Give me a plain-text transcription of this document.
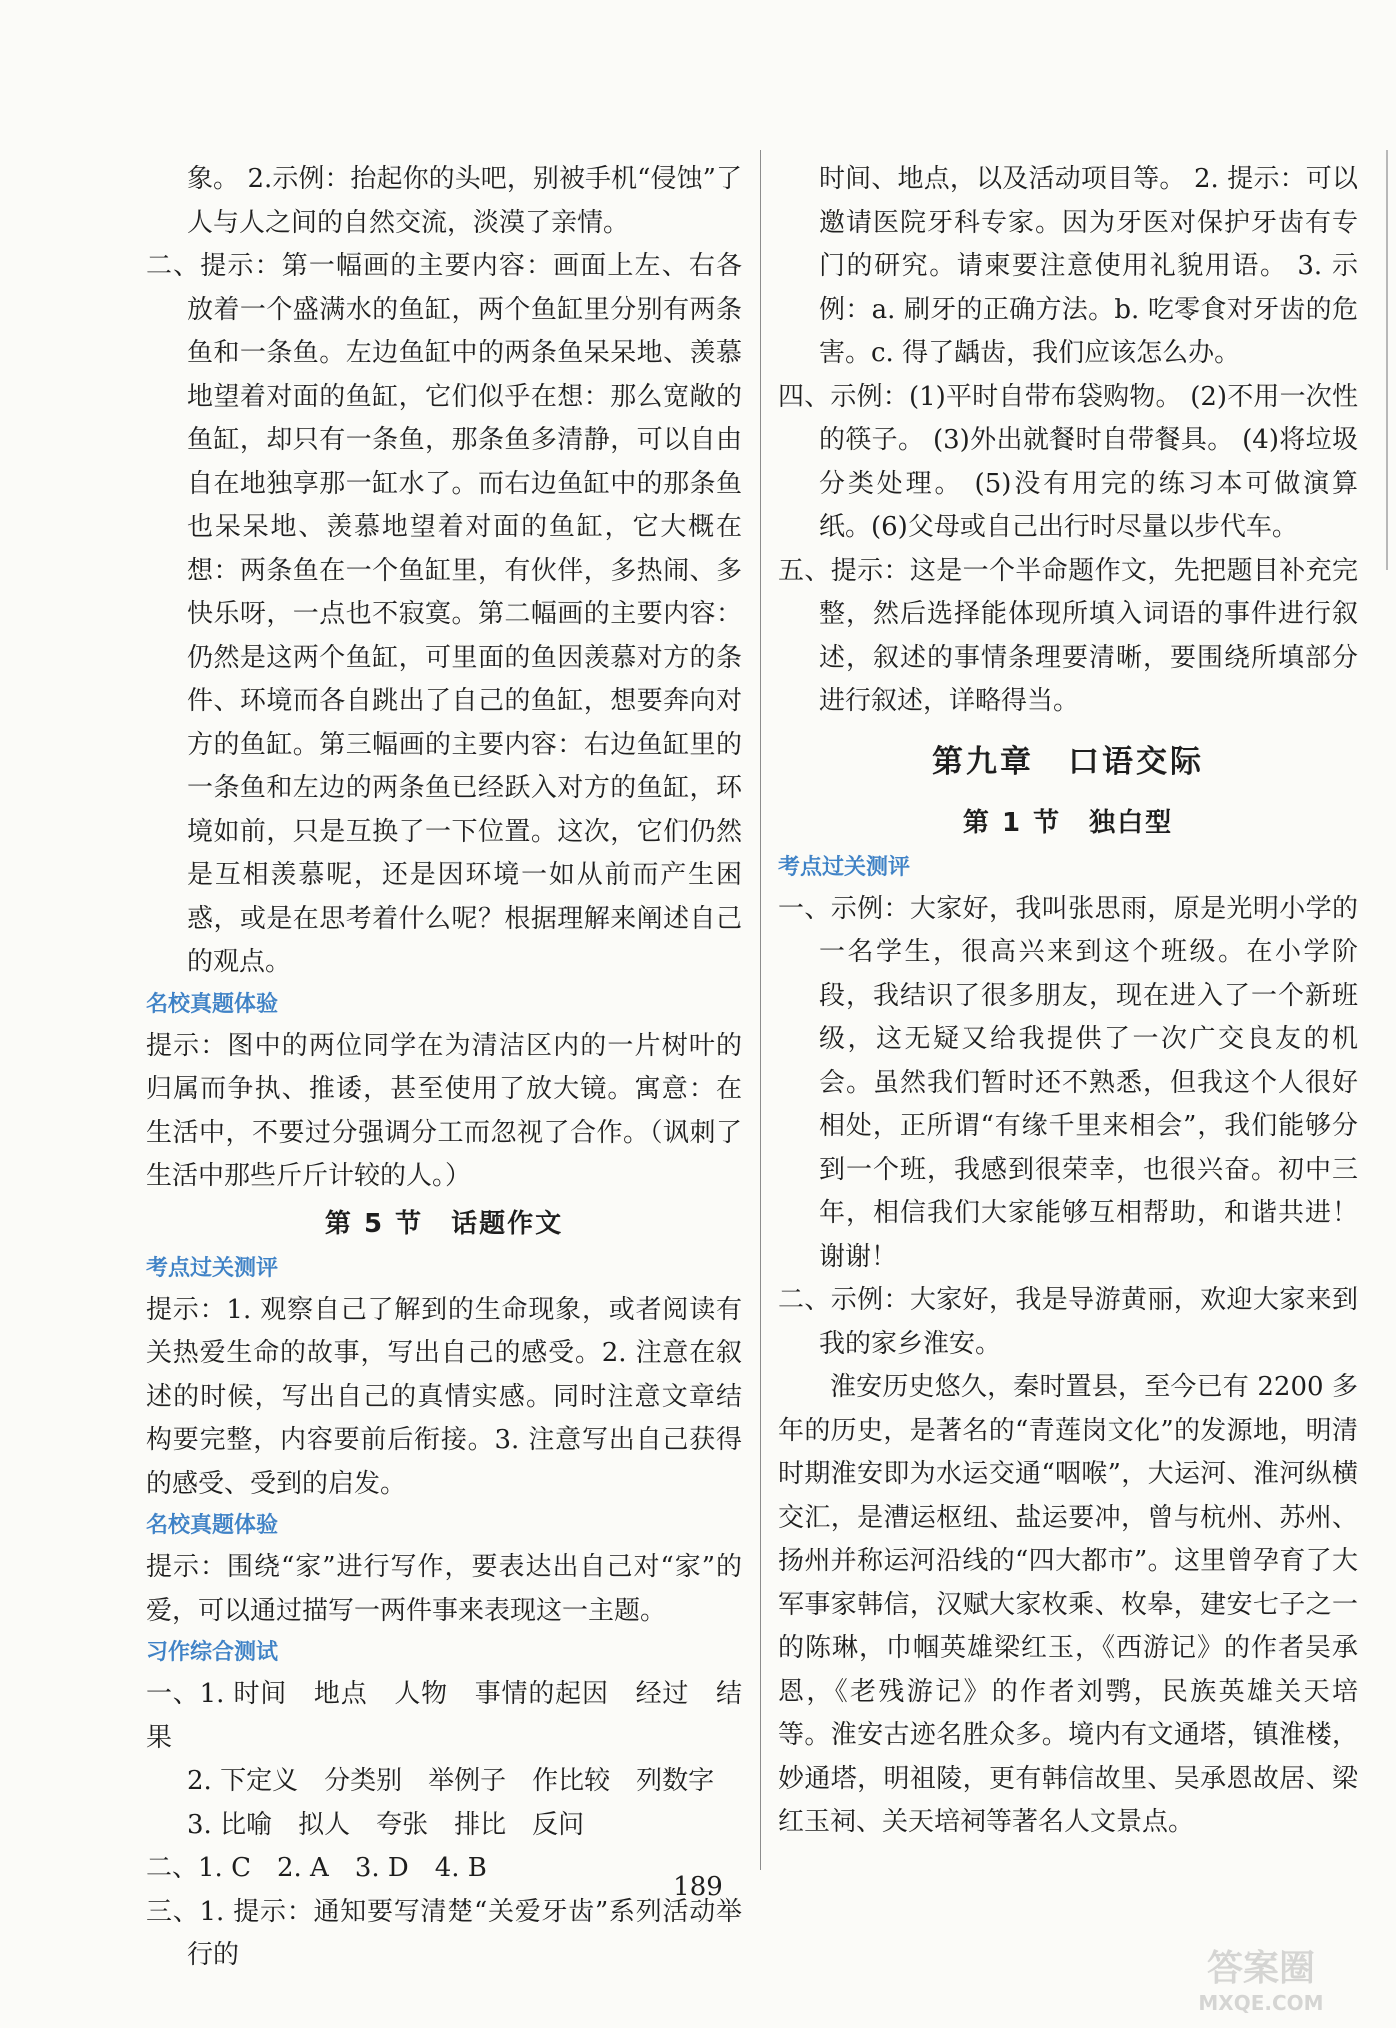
象。 2.示例：抬起你的头吧，别被手机“侵蚀”了人与人之间的自然交流，淡漠了亲情。

二、提示：第一幅画的主要内容：画面上左、右各放着一个盛满水的鱼缸，两个鱼缸里分别有两条鱼和一条鱼。左边鱼缸中的两条鱼呆呆地、羡慕地望着对面的鱼缸，它们似乎在想：那么宽敞的鱼缸，却只有一条鱼，那条鱼多清静，可以自由自在地独享那一缸水了。而右边鱼缸中的那条鱼也呆呆地、羡慕地望着对面的鱼缸，它大概在想：两条鱼在一个鱼缸里，有伙伴，多热闹、多快乐呀，一点也不寂寞。第二幅画的主要内容：仍然是这两个鱼缸，可里面的鱼因羡慕对方的条件、环境而各自跳出了自己的鱼缸，想要奔向对方的鱼缸。第三幅画的主要内容：右边鱼缸里的一条鱼和左边的两条鱼已经跃入对方的鱼缸，环境如前，只是互换了一下位置。这次，它们仍然是互相羡慕呢，还是因环境一如从前而产生困惑，或是在思考着什么呢？根据理解来阐述自己的观点。

名校真题体验

提示：图中的两位同学在为清洁区内的一片树叶的归属而争执、推诿，甚至使用了放大镜。寓意：在生活中，不要过分强调分工而忽视了合作。（讽刺了生活中那些斤斤计较的人。）

第 5 节　话题作文

考点过关测评

提示：1. 观察自己了解到的生命现象，或者阅读有关热爱生命的故事，写出自己的感受。2. 注意在叙述的时候，写出自己的真情实感。同时注意文章结构要完整，内容要前后衔接。3. 注意写出自己获得的感受、受到的启发。

名校真题体验

提示：围绕“家”进行写作，要表达出自己对“家”的爱，可以通过描写一两件事来表现这一主题。

习作综合测试

一、1. 时间　地点　人物　事情的起因　经过　结果

2. 下定义　分类别　举例子　作比较　列数字

3. 比喻　拟人　夸张　排比　反问

二、1. C　2. A　3. D　4. B

三、1. 提示：通知要写清楚“关爱牙齿”系列活动举行的

时间、地点，以及活动项目等。 2. 提示：可以邀请医院牙科专家。因为牙医对保护牙齿有专门的研究。请柬要注意使用礼貌用语。 3. 示例：a. 刷牙的正确方法。b. 吃零食对牙齿的危害。c. 得了龋齿，我们应该怎么办。

四、示例：(1)平时自带布袋购物。 (2)不用一次性的筷子。 (3)外出就餐时自带餐具。 (4)将垃圾分类处理。 (5)没有用完的练习本可做演算纸。(6)父母或自己出行时尽量以步代车。

五、提示：这是一个半命题作文，先把题目补充完整，然后选择能体现所填入词语的事件进行叙述，叙述的事情条理要清晰，要围绕所填部分进行叙述，详略得当。

第九章　口语交际

第 1 节　独白型

考点过关测评

一、示例：大家好，我叫张思雨，原是光明小学的一名学生，很高兴来到这个班级。在小学阶段，我结识了很多朋友，现在进入了一个新班级，这无疑又给我提供了一次广交良友的机会。虽然我们暂时还不熟悉，但我这个人很好相处，正所谓“有缘千里来相会”，我们能够分到一个班，我感到很荣幸，也很兴奋。初中三年，相信我们大家能够互相帮助，和谐共进！谢谢！

二、示例：大家好，我是导游黄丽，欢迎大家来到我的家乡淮安。

淮安历史悠久，秦时置县，至今已有 2200 多年的历史，是著名的“青莲岗文化”的发源地，明清时期淮安即为水运交通“咽喉”，大运河、淮河纵横交汇，是漕运枢纽、盐运要冲，曾与杭州、苏州、扬州并称运河沿线的“四大都市”。这里曾孕育了大军事家韩信，汉赋大家枚乘、枚皋，建安七子之一的陈琳，巾帼英雄梁红玉，《西游记》的作者吴承恩，《老残游记》的作者刘鹗，民族英雄关天培等。淮安古迹名胜众多。境内有文通塔，镇淮楼，妙通塔，明祖陵，更有韩信故里、吴承恩故居、梁红玉祠、关天培祠等著名人文景点。

189
答案圈
MXQE.COM
